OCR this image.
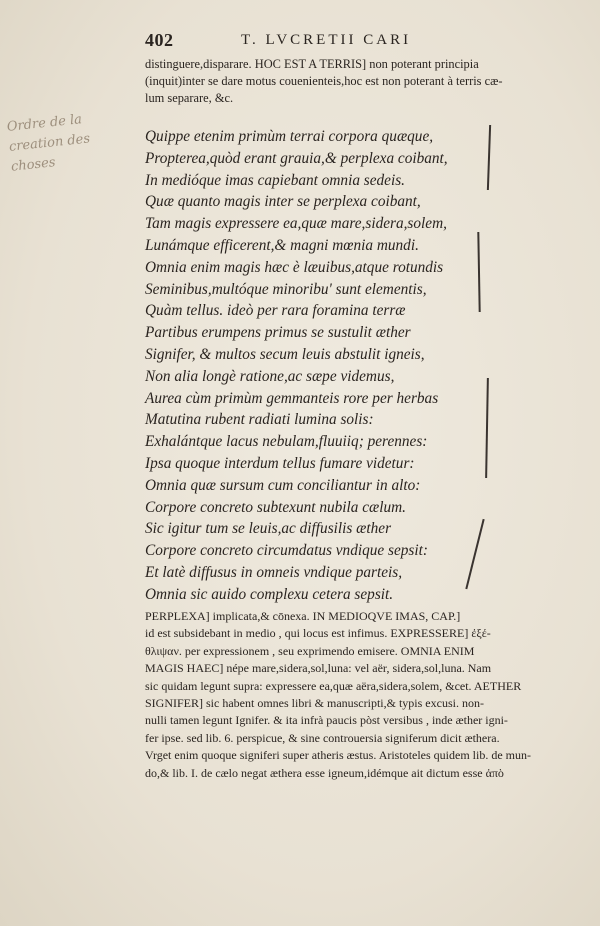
402	T. LVCRETII CARI
distinguere,disparare. HOC EST A TERRIS] non poterant principia
(inquit)inter se dare motus couenienteis,hoc est non poterant à terris cæ-
lum separare, &c.
Ordre de la
creation des
choses
Quippe etenim primùm terrai corpora quæque,
Propterea,quòd erant grauia,& perplexa coibant,
In medióque imas capiebant omnia sedeis.
Quæ quanto magis inter se perplexa coibant,
Tam magis expressere ea,quæ mare,sidera,solem,
Lunámque efficerent,& magni mœnia mundi.
Omnia enim magis hæc è læuibus,atque rotundis
Seminibus,multóque minoribu' sunt elementis,
Quàm tellus. ideò per rara foramina terræ
Partibus erumpens primus se sustulit æther
Signifer, & multos secum leuis abstulit igneis,
Non alia longè ratione,ac sæpe videmus,
Aurea cùm primùm gemmanteis rore per herbas
Matutina rubent radiati lumina solis:
Exhalántque lacus nebulam,fluuiiq; perennes:
Ipsa quoque interdum tellus fumare videtur:
Omnia quæ sursum cum conciliantur in alto:
Corpore concreto subtexunt nubila cælum.
Sic igitur tum se leuis,ac diffusilis æther
Corpore concreto circumdatus vndique sepsit:
Et latè diffusus in omneis vndique parteis,
Omnia sic auido complexu cetera sepsit.
PERPLEXA] implicata,& cōnexa. IN MEDIOQVE IMAS, CAP.]
id est subsidebant in medio , qui locus est infimus. EXPRESSERE] ἐξέ-
θλιψαν. per expressionem , seu exprimendo emisere. OMNIA ENIM
MAGIS HAEC] népe mare,sidera,sol,luna: vel aër, sidera,sol,luna. Nam
sic quidam legunt supra: expressere ea,quæ aëra,sidera,solem, &cet. AETHER
SIGNIFER] sic habent omnes libri & manuscripti,& typis excusi. non-
nulli tamen legunt Ignifer. & ita infrà paucis pòst versibus , inde æther igni-
fer ipse. sed lib. 6. perspicue, & sine controuersia signiferum dicit æthera.
Vrget enim quoque signiferi super atheris æstus. Aristoteles quidem lib. de mun-
do,& lib. I. de cælo negat æthera esse igneum,idémque ait dictum esse ἀπὸ
